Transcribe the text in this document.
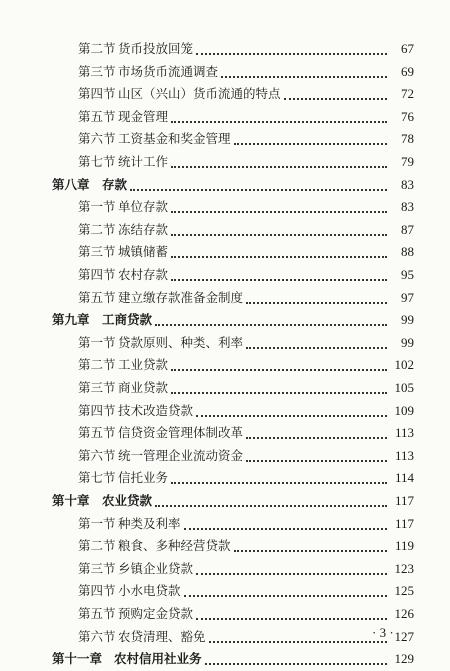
第二节 货币投放回笼	67
第三节 市场货币流通调查	69
第四节 山区（兴山）货币流通的特点	72
第五节 现金管理	76
第六节 工资基金和奖金管理	78
第七节 统计工作	79
第八章 存款	83
第一节 单位存款	83
第二节 冻结存款	87
第三节 城镇储蓄	88
第四节 农村存款	95
第五节 建立缴存款准备金制度	97
第九章 工商贷款	99
第一节 贷款原则、种类、利率	99
第二节 工业贷款	102
第三节 商业贷款	105
第四节 技术改造贷款	109
第五节 信贷资金管理体制改革	113
第六节 统一管理企业流动资金	113
第七节 信托业务	114
第十章 农业贷款	117
第一节 种类及利率	117
第二节 粮食、多种经营贷款	119
第三节 乡镇企业贷款	123
第四节 小水电贷款	125
第五节 预购定金贷款	126
第六节 农贷清理、豁免	127
第十一章 农村信用社业务	129
· 3 ·
